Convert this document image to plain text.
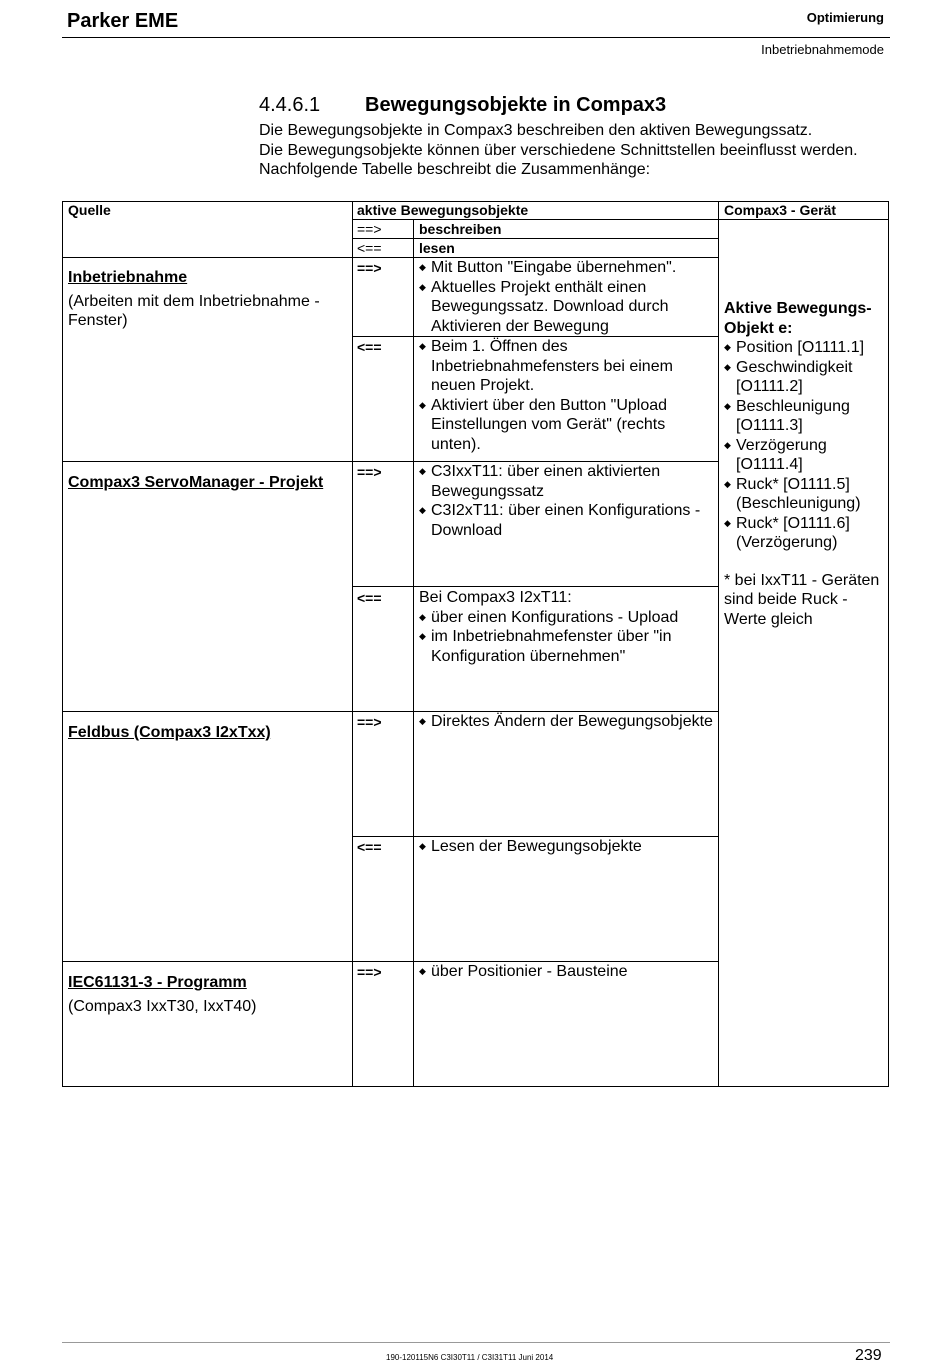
Parker EME	Optimierung
Inbetriebnahmemode
4.4.6.1 Bewegungsobjekte in Compax3

Die Bewegungsobjekte in Compax3 beschreiben den aktiven Bewegungssatz.

Die Bewegungsobjekte können über verschiedene Schnittstellen beeinflusst werden.

Nachfolgende Tabelle beschreibt die Zusammenhänge:

Quelle	aktive Bewegungsobjekte	Compax3 - Gerät
==>	beschreiben
<==	lesen
Inbetriebnahme
(Arbeiten mit dem Inbetriebnahme - Fenster)
==>	◆ Mit Button "Eingabe übernehmen".
◆ Aktuelles Projekt enthält einen Bewegungssatz. Download durch Aktivieren der Bewegung
<==	◆ Beim 1. Öffnen des Inbetriebnahmefensters bei einem neuen Projekt.
◆ Aktiviert über den Button "Upload Einstellungen vom Gerät" (rechts unten).
Compax3 ServoManager - Projekt
==>	◆ C3IxxT11: über einen aktivierten Bewegungssatz
◆ C3I2xT11: über einen Konfigurations -Download
<== Bei Compax3 I2xT11:
◆ über einen Konfigurations - Upload
◆ im Inbetriebnahmefenster über "in Konfiguration übernehmen"
Feldbus (Compax3 I2xTxx)
==>	◆ Direktes Ändern der Bewegungsobjekte
<==	◆ Lesen der Bewegungsobjekte
IEC61131-3 - Programm
(Compax3 IxxT30, IxxT40)
==>	◆ über Positionier - Bausteine
Aktive Bewegungs-Objekt e:
◆ Position [O1111.1]
◆ Geschwindigkeit [O1111.2]
◆ Beschleunigung [O1111.3]
◆ Verzögerung [O1111.4]
◆ Ruck* [O1111.5] (Beschleunigung)
◆ Ruck* [O1111.6] (Verzögerung)
* bei IxxT11 - Geräten sind beide Ruck - Werte gleich
190-120115N6 C3I30T11 / C3I31T11 Juni 2014	239
